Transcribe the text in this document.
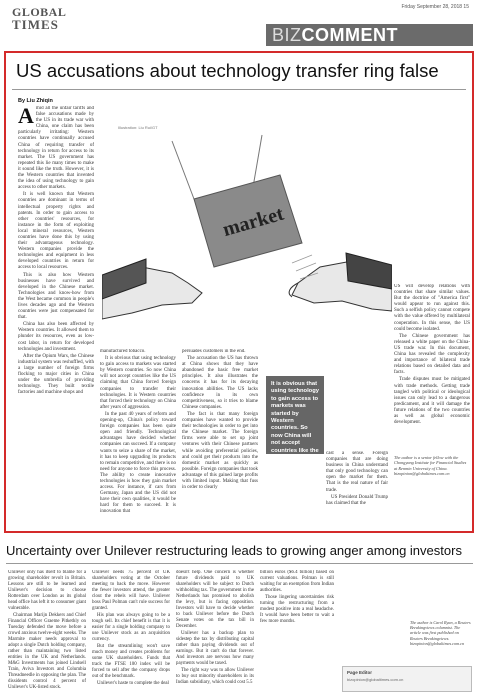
GLOBAL
TIMES
Friday September 28, 2018 15
BIZCOMMENT
US accusations about technology transfer ring false
By Liu Zhiqin
Illustration: Liu Rui/GT

Amid all the unfair tariffs and false accusations made by the US in its trade war with China, one claim has been particularly irritating: Western countries have continually accused China of requiring transfer of technology in return for access to its market. The US government has repeated this lie many times to make it sound like the truth. However, it is the Western countries that invented the idea of using technology to gain access to other markets.

It is well known that Western countries are dominant in terms of intellectual property rights and patents. In order to gain access to other countries' resources, for instance in the form of exploiting local mineral resources, Western countries have done this by using their advantageous technology. Western companies provide the technologies and equipment in less developed countries in return for access to local resources.

This is also how Western businesses have survived and developed in the Chinese market. Technologies and know-how from the West became common in people's lives decades ago and the Western countries were just compensated for that.

China has also been affected by Western countries. It allowed them to plunder its resources, even as low-cost labor, in return for developed technologies and investment.

After the Opium Wars, the Chinese industrial system was reshuffled, with a large number of foreign firms flocking to major cities in China under the umbrella of providing technology. They built textile factories and machine shops and

market

manufactured tobacco.

It is obvious that using technology to gain access to markets was started by Western countries. So now China will not accept countries like the US claiming that China forced foreign companies to transfer their technologies. It is Western countries that forced their technology on China after years of aggression.

In the past 40 years of reform and opening-up, China's policy toward foreign companies has been quite open and friendly. Technological advantages have decided whether companies can succeed. If a company wants to seize a share of the market, it has to keep upgrading its products to remain competitive, and there is no need for anyone to force this process. The ability to create innovative technologies is how they gain market access. For instance, if cars from Germany, Japan and the US did not have their own qualities, it would be hard for them to succeed. It is innovation that

persuades customers in the end.

The accusation the US has thrown at China shows that they have abandoned the basic free market principles. It also illustrates the concerns it has for its decaying innovation abilities. The US lacks confidence in its own competitiveness, so it tries to blame Chinese companies.

The fact is that many foreign companies have wanted to provide their technologies in order to get into the Chinese market. The foreign firms were able to set up joint ventures with their Chinese partners while avoiding preferential policies, and could get their products into the domestic market as quickly as possible. Foreign companies that took advantage of this gained large profits with limited input. Making that fuss in order to clearly

It is obvious that using technology to gain access to markets was started by Western countries. So now China will not accept countries like the US claiming that China forced foreign companies to transfer their technologies.

cast a sense. Foreign companies that are doing business in China understand that only good technology can open the market for them. That is the real nature of fair trade.

US President Donald Trump has claimed that the

US will develop relations with countries that share similar values. But the doctrine of "America first" would appear to run against this. Such a selfish policy cannot compete with the value offered by multilateral cooperation. In this sense, the US could become isolated.

The Chinese government has released a white paper on the China-US trade war. In this document, China has revealed the complexity and importance of bilateral trade relations based on detailed data and facts.

Trade disputes must be mitigated with trade methods. Getting trade tangled with political or ideological issues can only lead to a dangerous predicament, and it will damage the future relations of the two countries as well as global economic development.

The author is a senior fellow with the Chongyang Institute for Financial Studies at Renmin University of China. bizopinion@globaltimes.com.cn
Uncertainty over Unilever restructuring leads to growing anger among investors

Unilever only has itself to blame for a growing shareholder revolt in Britain. Lessons are still to be learned and Unilever's decision to choose Rotterdam over London as its global head office has left it to consumer giant vulnerable.

Chairman Marijn Dekkers and Chief Financial Officer Graeme Pitkethly on Tuesday defended the move before a crowd anxious twelve-eight weeks. The Marmite maker needs approval to adopt a single Dutch holding company, rather than maintaining two listed entities in the UK and Netherlands. M&G Investments has joined Lindsell Train, Aviva Investors and Columbia Threadneedle in opposing the plan. The dissidents control 4 percent of Unilever's UK-listed stock.

Unilever needs 75 percent of UK shareholders voting at the October meeting to back the move. However the fewer investors attend, the greater clout the rebels will have. Unilever boss Paul Polman can't rule success for granted.

His plan was always going to be a tough sell. Its chief benefit is that it is easier for a single holding company to use Unilever stock as an acquisition currency.

But the streamlining won't save much money and creates problems for some UK shareholders. Funds that track the FTSE 100 index will be forced to sell after the company drops out of the benchmark.

Unilever's haste to complete the deal

doesn't help. One concern is whether future dividends paid to UK shareholders will be subject to Dutch withholding tax. The government in the Netherlands has promised to abolish the levy, but is facing opposition. Investors will have to decide whether to back Unilever before the Dutch Senate votes on the tax bill in December.

Unilever has a backup plan to sidestep the tax by distributing capital rather than paying dividends out of earnings. But it can't do that forever. And investors are nervous how many payments would be taxed.

The right way was to allow Unilever to buy out minority shareholders in its Indian subsidiary, which could cost 5.5

billion euros ($6.4 billion) based on current valuations. Polman is still waiting for an exemption from Indian authorities.

Those lingering uncertainties risk turning the restructuring from a modest positive into a real headache. It would have been better to wait a few more months.	The author is Carol Ryan, a Reuters Breakingviews columnist. The article was first published on Reuters Breakingviews. bizopinion@globaltimes.com.cn
Page Editor
bizopinion@globaltimes.com.cn
